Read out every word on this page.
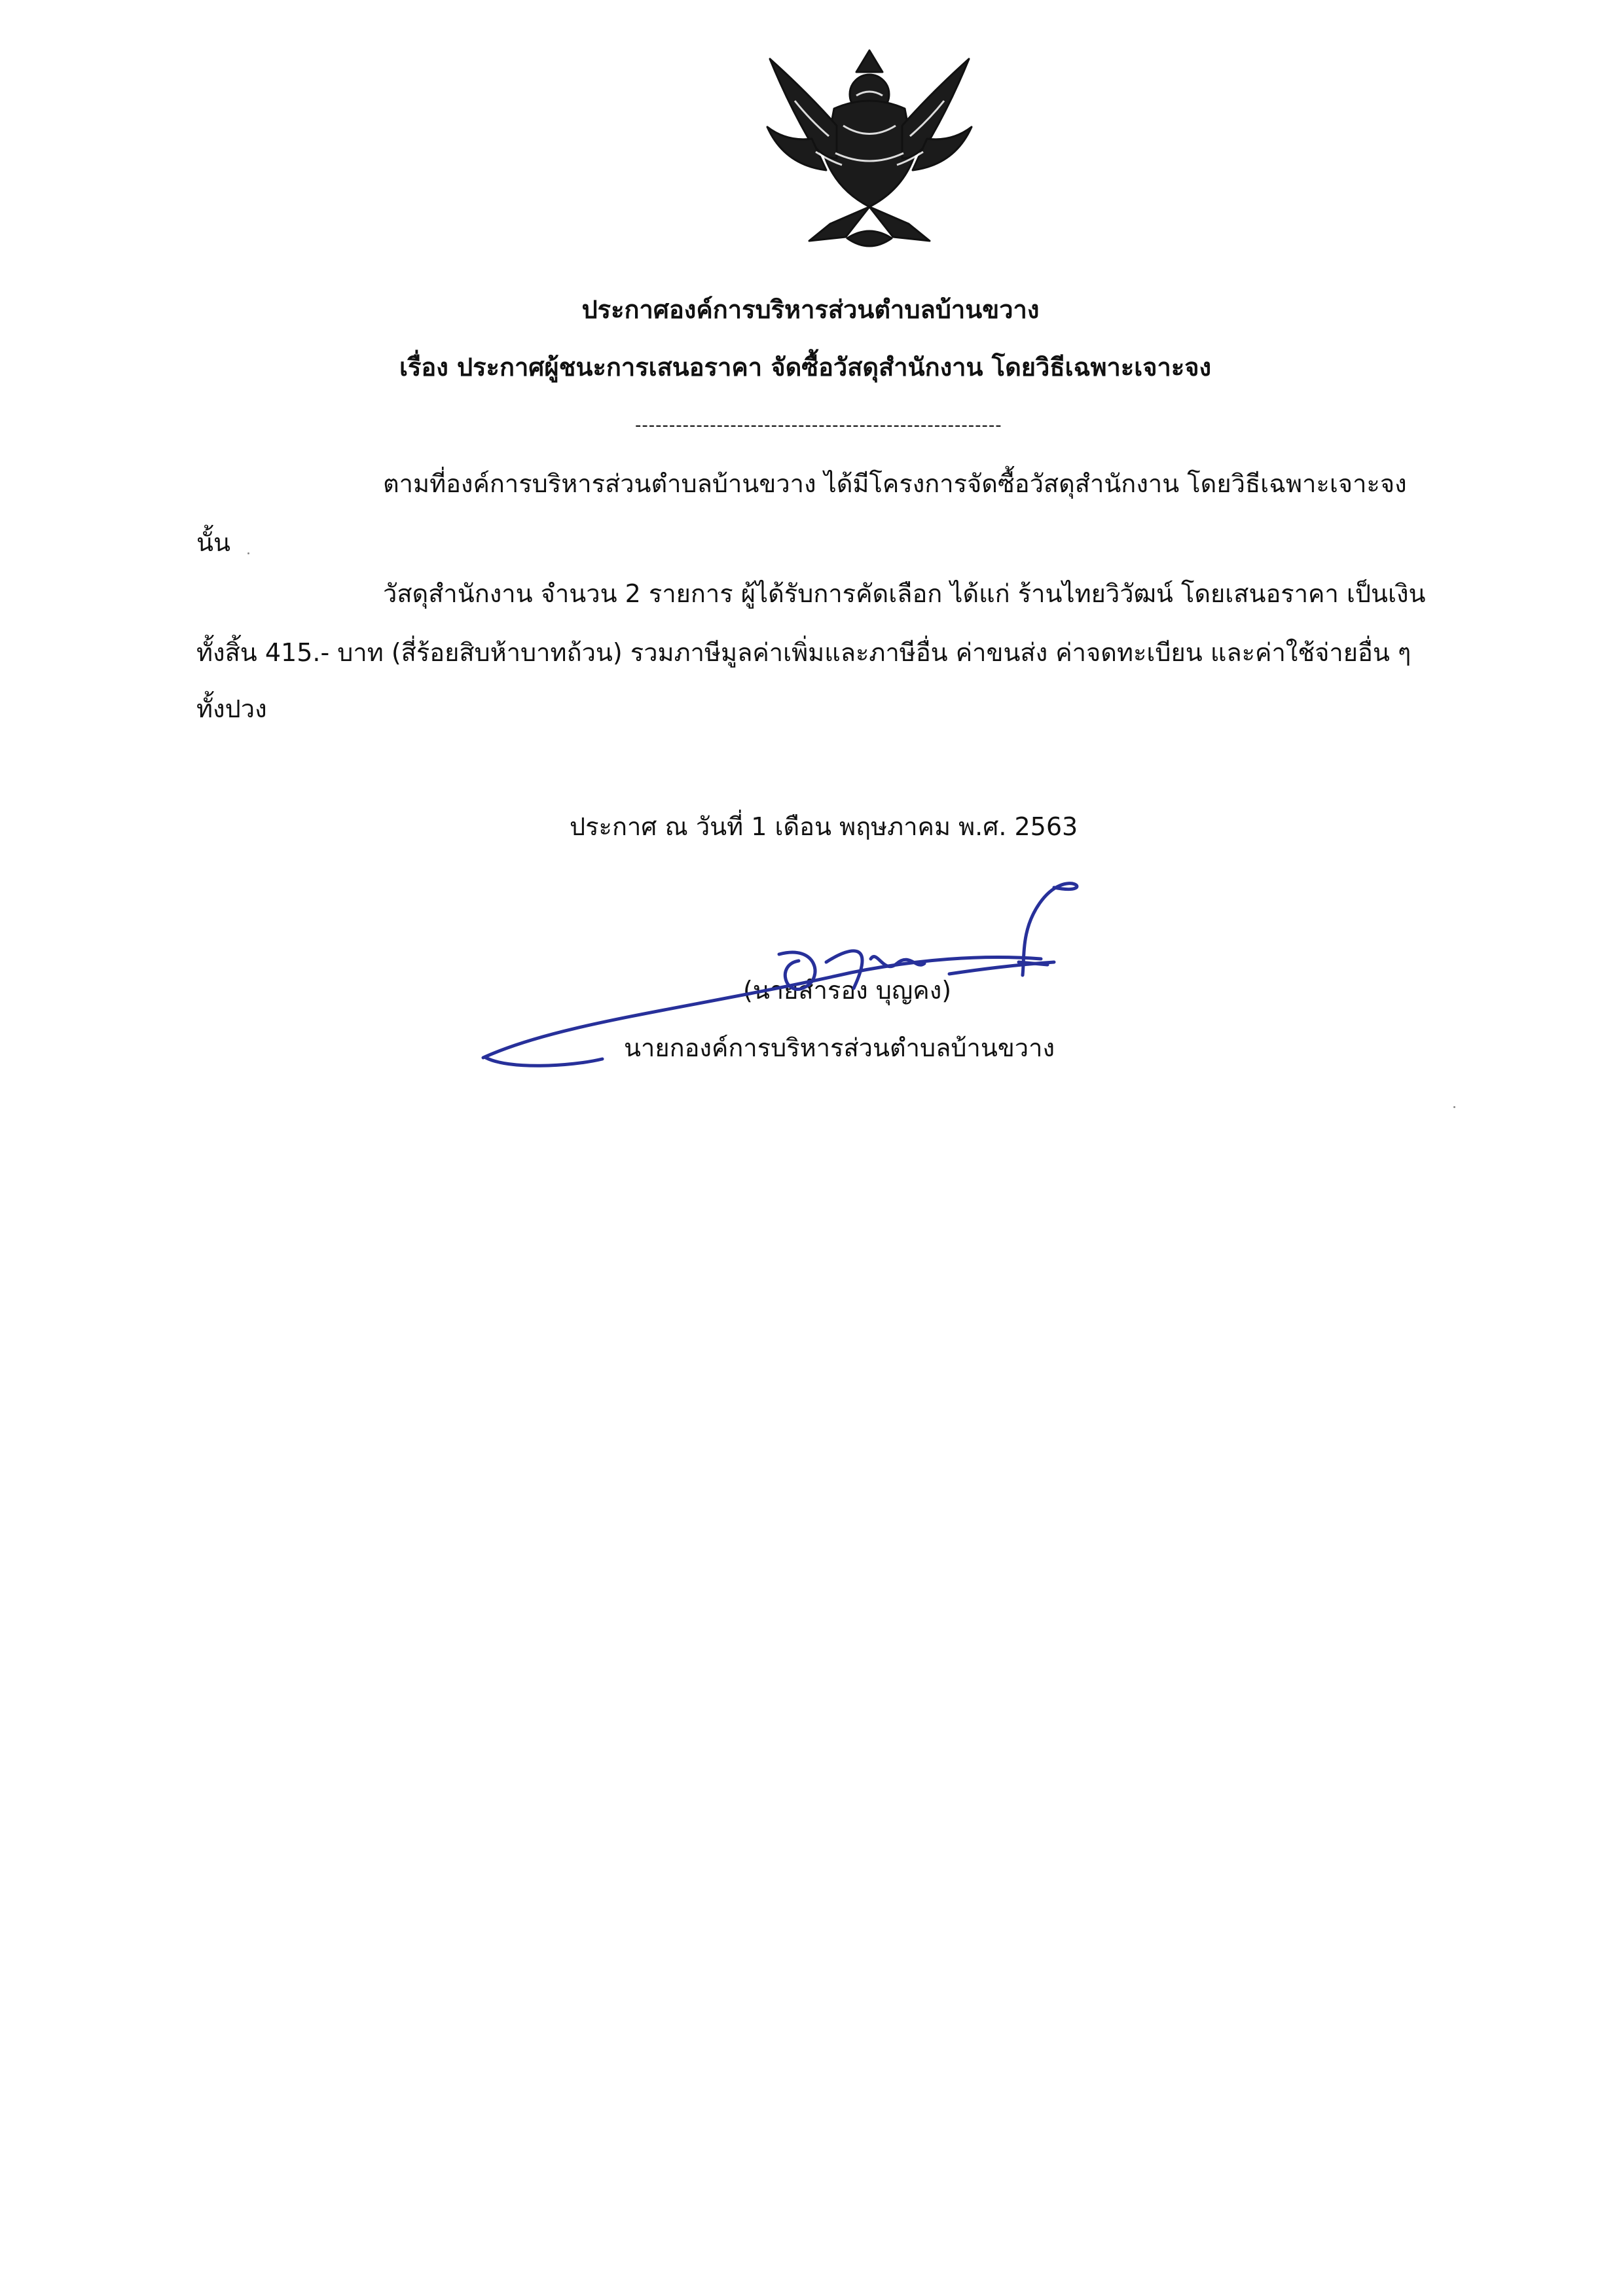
ประกาศองค์การบริหารส่วนตำบลบ้านขวาง
เรื่อง ประกาศผู้ชนะการเสนอราคา จัดซื้อวัสดุสำนักงาน โดยวิธีเฉพาะเจาะจง
------------------------------------------------------
ตามที่องค์การบริหารส่วนตำบลบ้านขวาง ได้มีโครงการจัดซื้อวัสดุสำนักงาน โดยวิธีเฉพาะเจาะจง
นั้น
วัสดุสำนักงาน จำนวน 2 รายการ ผู้ได้รับการคัดเลือก ได้แก่ ร้านไทยวิวัฒน์ โดยเสนอราคา เป็นเงิน
ทั้งสิ้น 415.- บาท (สี่ร้อยสิบห้าบาทถ้วน) รวมภาษีมูลค่าเพิ่มและภาษีอื่น ค่าขนส่ง ค่าจดทะเบียน และค่าใช้จ่ายอื่น ๆ
ทั้งปวง
ประกาศ ณ วันที่ 1 เดือน พฤษภาคม พ.ศ. 2563
(นายสำรอง บุญคง)
นายกองค์การบริหารส่วนตำบลบ้านขวาง
